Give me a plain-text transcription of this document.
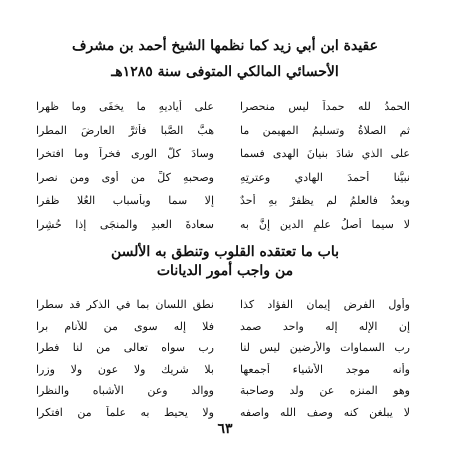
عقيدة ابن أبي زيد كما نظمها الشيخ أحمد بن مشرف
الأحسائي المالكي المتوفى سنة ١٢٨٥هـ
الحمدُ لله حمداً ليس منحصرا
على أياديهِ ما يخفَى وما ظهرا
ثم الصلاةُ وتسليمُ المهيمن ما
هبَّ الصَّبا فأثرَّ العارضَ المطرا
على الذي شادَ بنيانَ الهدى فسما
وسادَ كلَّ الورى فخراً وما افتخرا
نبيُّنا أحمدَ الهادي وعترتِهِ
وصحبهِ كلِّ من أوى ومن نصرا
وبعدُ فالعلمُ لم يظفرْ بهِ أحدٌ
إلا سما وبأسباب العُلا ظفرا
لا سيما أصلُ علمِ الدين إنَّ به
سعادةَ العبدِ والمنجَى إذا حُشِرا
باب ما تعتقده القلوب وتنطق به الألسن
من واجب أمور الديانات
وأول الفرض إيمان الفؤاد كذا
نطق اللسان بما في الذكر قد سطرا
إن الإله إله واحد صمد
فلا إله سوى من للأنام برا
رب السماوات والأرضين ليس لنا
رب سواه تعالى من لنا فطرا
وأنه موجد الأشياء أجمعها
بلا شريك ولا عون ولا وزرا
وهو المنزه عن ولد وصاحبة
ووالد وعن الأشباه والنظرا
لا يبلغن كنه وصف الله واصفه
ولا يحيط به علماً من افتكرا
٦٣
